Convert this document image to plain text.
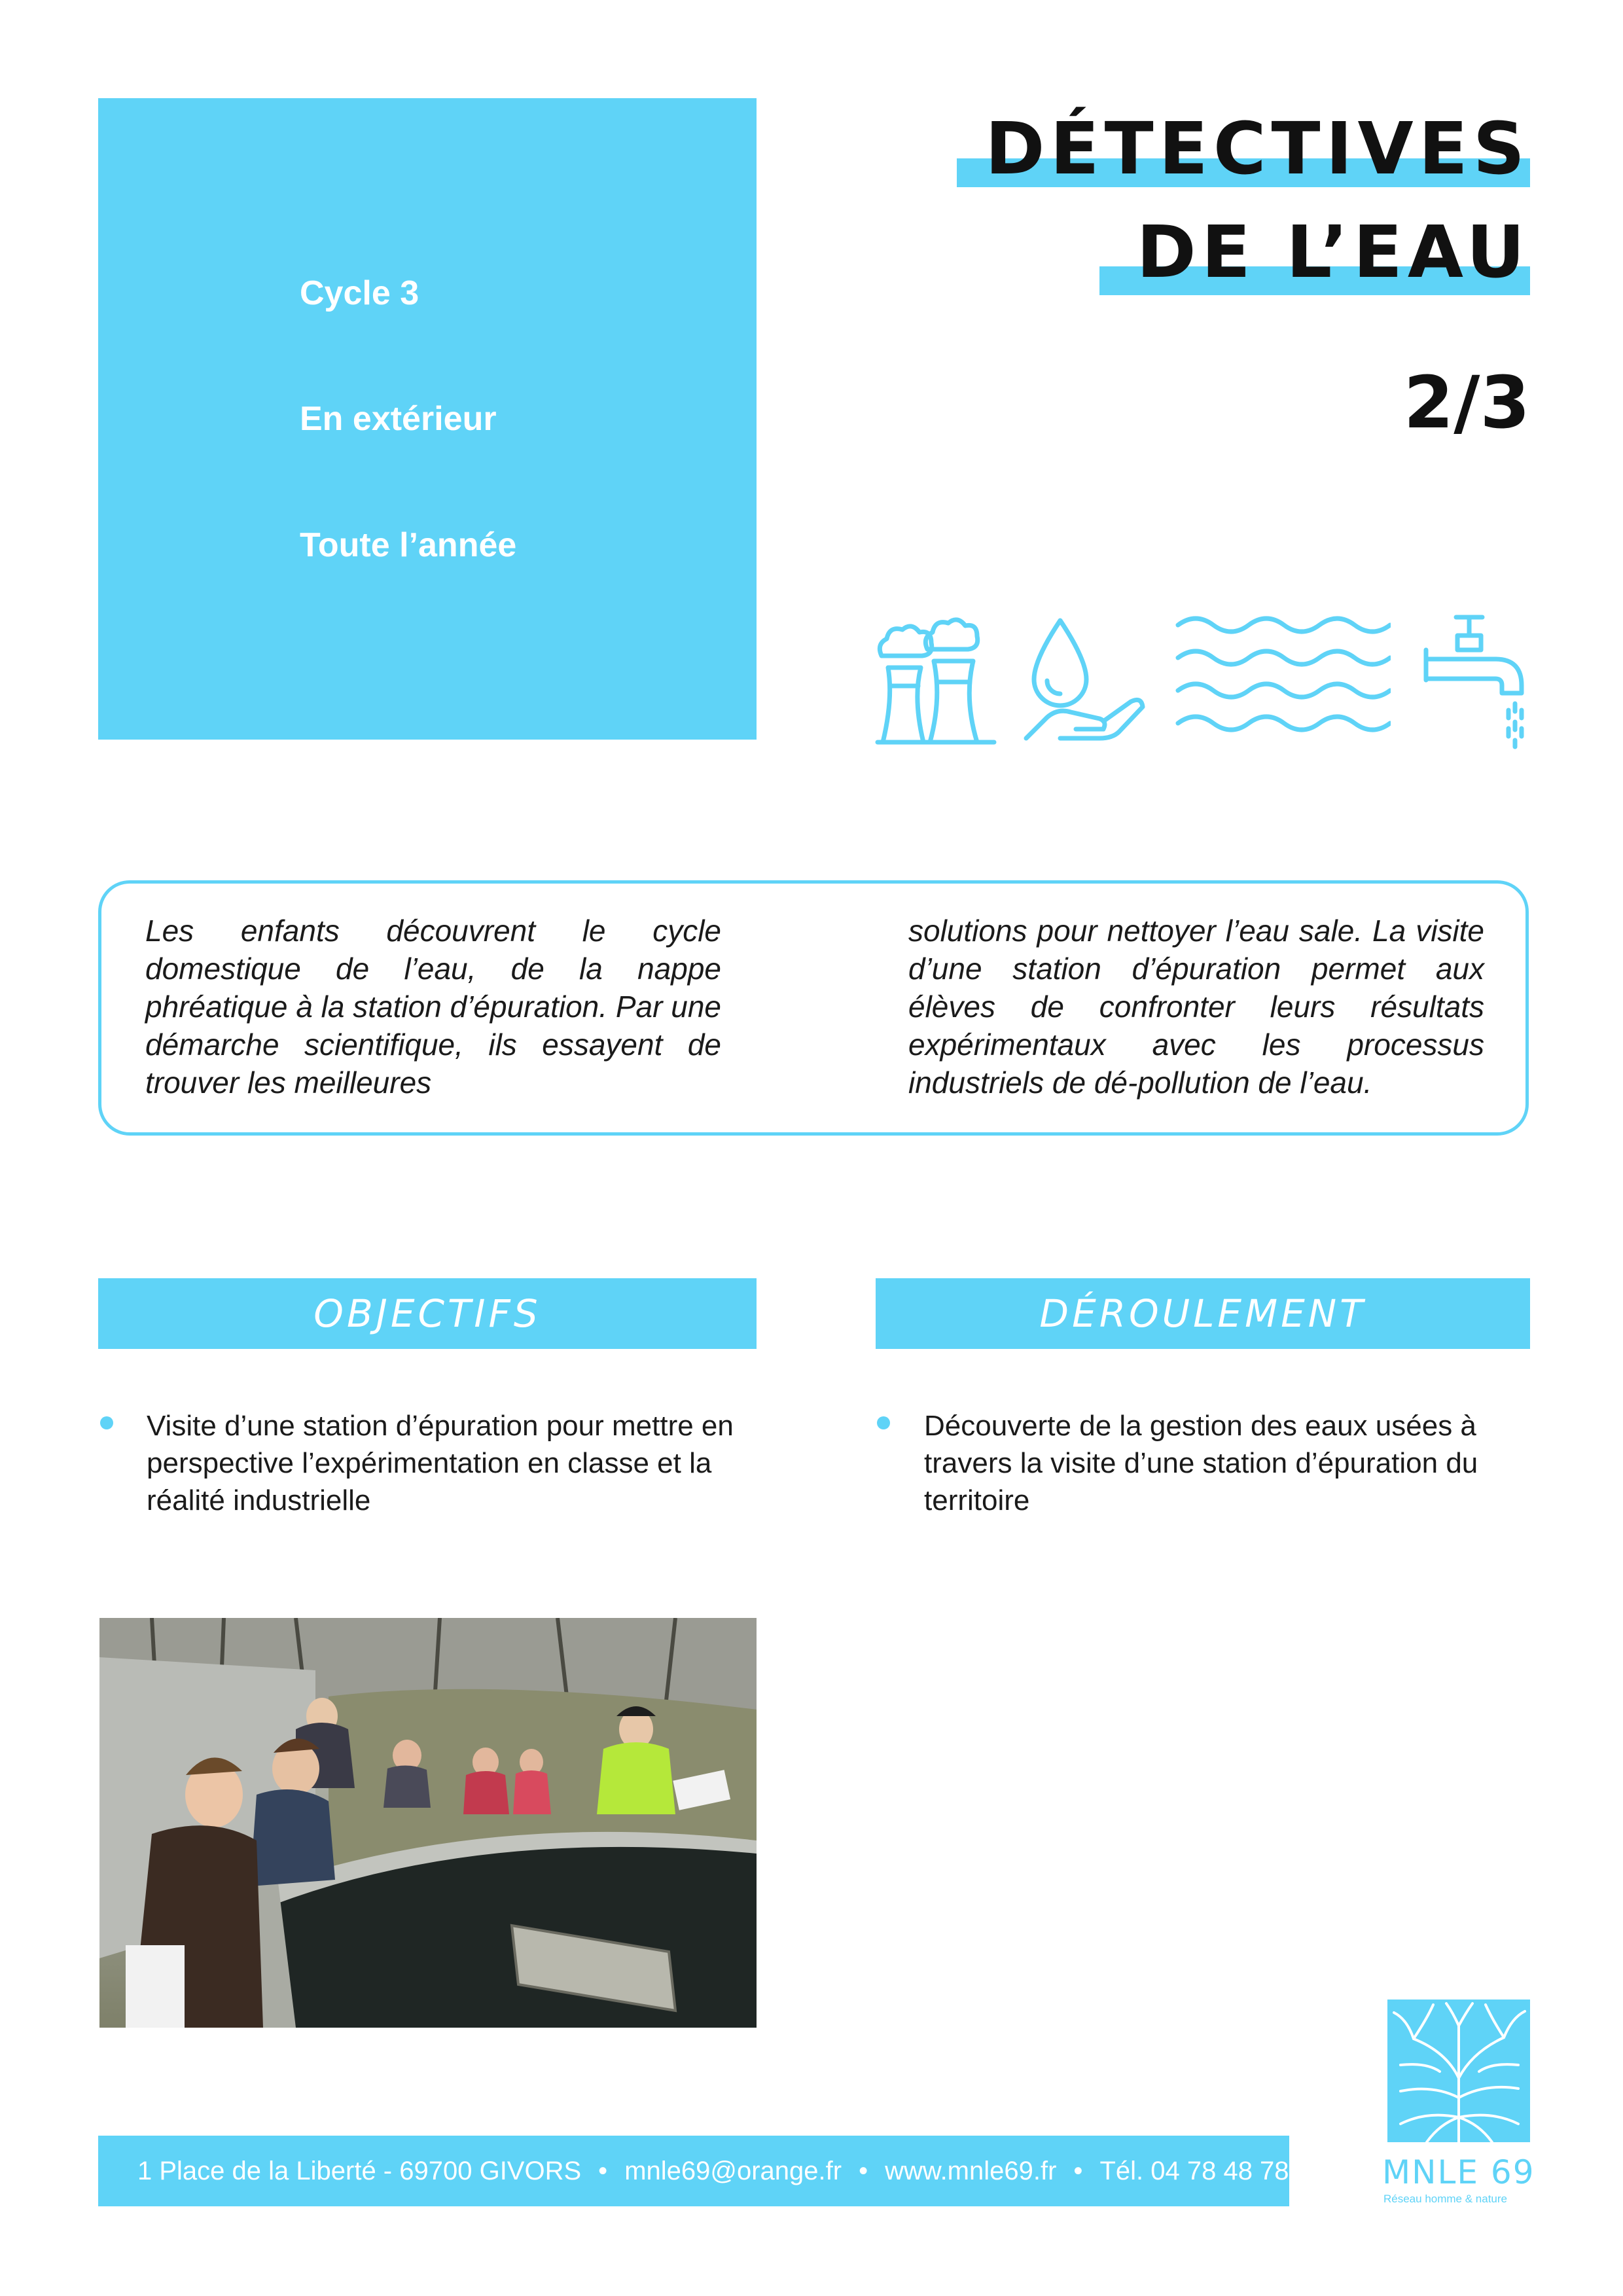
Cycle 3
En extérieur
Toute l’année
DÉTECTIVES
DE L’EAU
2/3
Les enfants découvrent le cycle domestique de l’eau, de la nappe phréatique à la station d’épuration. Par une démarche scientifique, ils essayent de trouver les meilleures
solutions pour nettoyer l’eau sale. La visite d’une station d’épuration permet aux élèves de confronter leurs résultats expérimentaux avec les processus industriels de dé-pollution de l’eau.
OBJECTIFS
Visite d’une station d’épuration pour mettre en perspective l’expérimentation en classe et la réalité industrielle
DÉROULEMENT
Découverte de la gestion des eaux usées à travers la visite d’une station d’épuration du territoire
1 Place de la Liberté - 69700 GIVORS • mnle69@orange.fr • www.mnle69.fr • Tél. 04 78 48 78 09 MNLE 69
Réseau homme & nature
